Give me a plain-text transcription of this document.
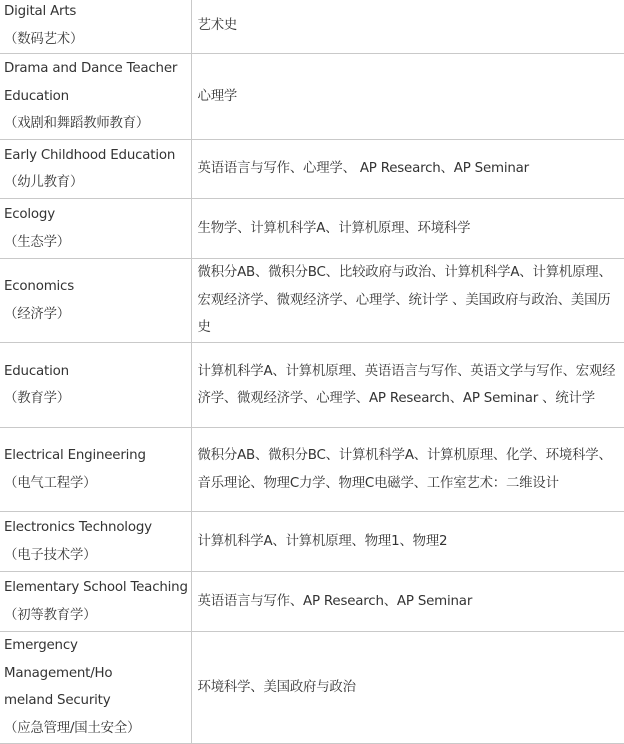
Digital Arts
（数码艺术）	艺术史

Drama and Dance Teacher
Education
（戏剧和舞蹈教师教育）	心理学

Early Childhood Education
（幼儿教育）	英语语言与写作、心理学、 AP Research、AP Seminar

Ecology
（生态学）	生物学、计算机科学A、计算机原理、环境科学

Economics
（经济学）	微积分AB、微积分BC、比较政府与政治、计算机科学A、计算机原理、宏观经济学、微观经济学、心理学、统计学 、美国政府与政治、美国历史

Education
（教育学）	计算机科学A、计算机原理、英语语言与写作、英语文学与写作、宏观经济学、微观经济学、心理学、AP Research、AP Seminar 、统计学

Electrical Engineering
（电气工程学）	微积分AB、微积分BC、计算机科学A、计算机原理、化学、环境科学、音乐理论、物理C力学、物理C电磁学、工作室艺术：二维设计

Electronics Technology
（电子技术学）	计算机科学A、计算机原理、物理1、物理2

Elementary School Teaching
（初等教育学）	英语语言与写作、AP Research、AP Seminar

Emergency Management/Ho
meland Security
（应急管理/国土安全）	环境科学、美国政府与政治
